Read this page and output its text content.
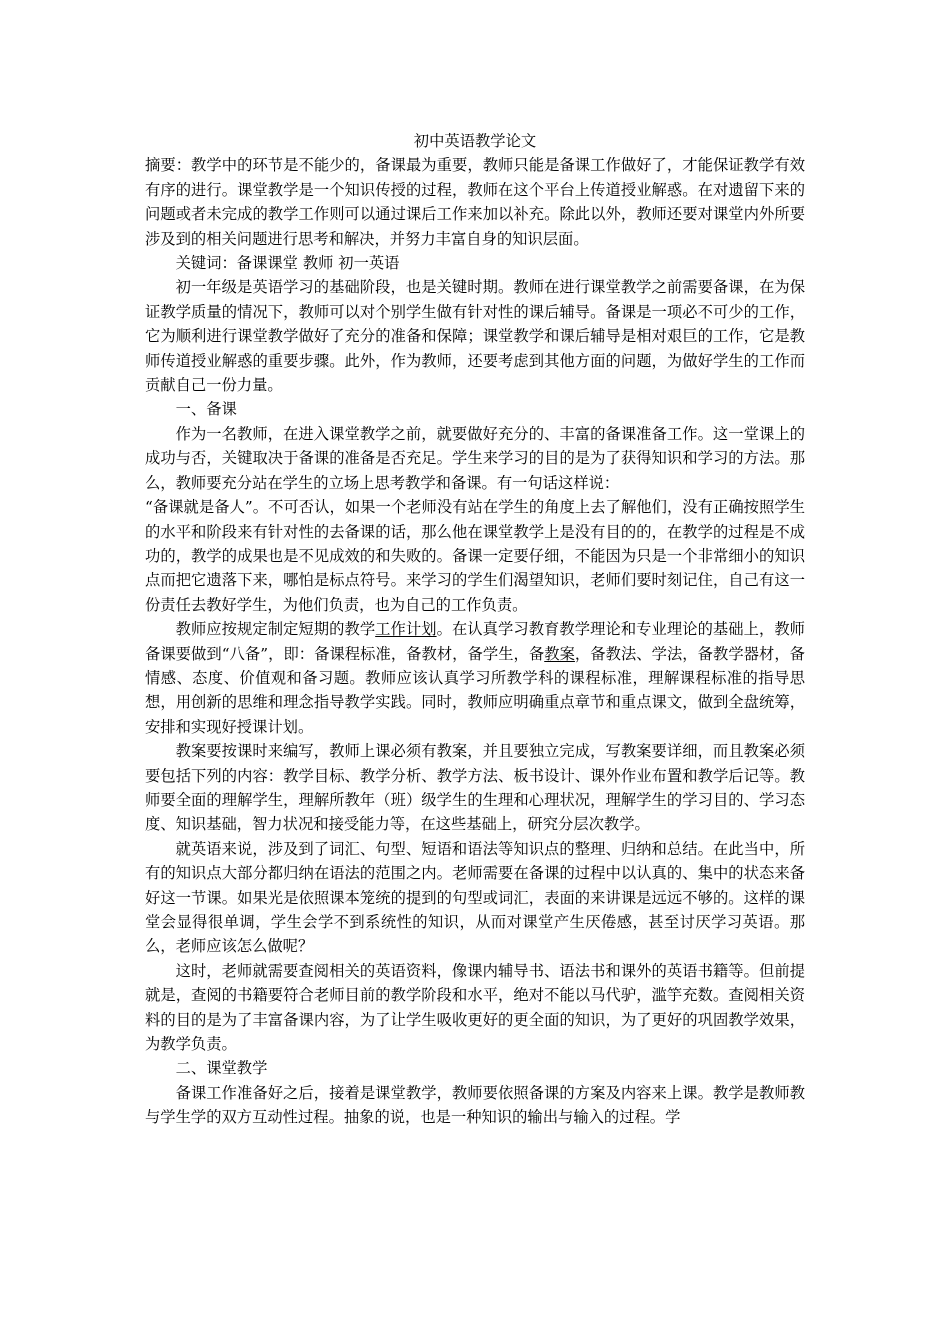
初中英语教学论文

摘要：教学中的环节是不能少的，备课最为重要，教师只能是备课工作做好了，才能保证教学有效有序的进行。课堂教学是一个知识传授的过程，教师在这个平台上传道授业解惑。在对遗留下来的问题或者未完成的教学工作则可以通过课后工作来加以补充。除此以外，教师还要对课堂内外所要涉及到的相关问题进行思考和解决，并努力丰富自身的知识层面。

关键词：备课课堂 教师 初一英语

初一年级是英语学习的基础阶段，也是关键时期。教师在进行课堂教学之前需要备课，在为保证教学质量的情况下，教师可以对个别学生做有针对性的课后辅导。备课是一项必不可少的工作，它为顺利进行课堂教学做好了充分的准备和保障；课堂教学和课后辅导是相对艰巨的工作，它是教师传道授业解惑的重要步骤。此外，作为教师，还要考虑到其他方面的问题，为做好学生的工作而贡献自己一份力量。

一、备课

作为一名教师，在进入课堂教学之前，就要做好充分的、丰富的备课准备工作。这一堂课上的成功与否，关键取决于备课的准备是否充足。学生来学习的目的是为了获得知识和学习的方法。那么，教师要充分站在学生的立场上思考教学和备课。有一句话这样说：

“备课就是备人”。不可否认，如果一个老师没有站在学生的角度上去了解他们，没有正确按照学生的水平和阶段来有针对性的去备课的话，那么他在课堂教学上是没有目的的，在教学的过程是不成功的，教学的成果也是不见成效的和失败的。备课一定要仔细，不能因为只是一个非常细小的知识点而把它遗落下来，哪怕是标点符号。来学习的学生们渴望知识，老师们要时刻记住，自己有这一份责任去教好学生，为他们负责，也为自己的工作负责。

教师应按规定制定短期的教学工作计划。在认真学习教育教学理论和专业理论的基础上，教师备课要做到“八备”，即：备课程标准，备教材，备学生，备教案，备教法、学法，备教学器材，备情感、态度、价值观和备习题。教师应该认真学习所教学科的课程标准，理解课程标准的指导思想，用创新的思维和理念指导教学实践。同时，教师应明确重点章节和重点课文，做到全盘统筹，安排和实现好授课计划。

教案要按课时来编写，教师上课必须有教案，并且要独立完成，写教案要详细，而且教案必须要包括下列的内容：教学目标、教学分析、教学方法、板书设计、课外作业布置和教学后记等。教师要全面的理解学生，理解所教年（班）级学生的生理和心理状况，理解学生的学习目的、学习态度、知识基础，智力状况和接受能力等，在这些基础上，研究分层次教学。

就英语来说，涉及到了词汇、句型、短语和语法等知识点的整理、归纳和总结。在此当中，所有的知识点大部分都归纳在语法的范围之内。老师需要在备课的过程中以认真的、集中的状态来备好这一节课。如果光是依照课本笼统的提到的句型或词汇，表面的来讲课是远远不够的。这样的课堂会显得很单调，学生会学不到系统性的知识，从而对课堂产生厌倦感，甚至讨厌学习英语。那么，老师应该怎么做呢？

这时，老师就需要查阅相关的英语资料，像课内辅导书、语法书和课外的英语书籍等。但前提就是，查阅的书籍要符合老师目前的教学阶段和水平，绝对不能以马代驴，滥竽充数。查阅相关资料的目的是为了丰富备课内容，为了让学生吸收更好的更全面的知识，为了更好的巩固教学效果，为教学负责。

二、课堂教学

备课工作准备好之后，接着是课堂教学，教师要依照备课的方案及内容来上课。教学是教师教与学生学的双方互动性过程。抽象的说，也是一种知识的输出与输入的过程。学
